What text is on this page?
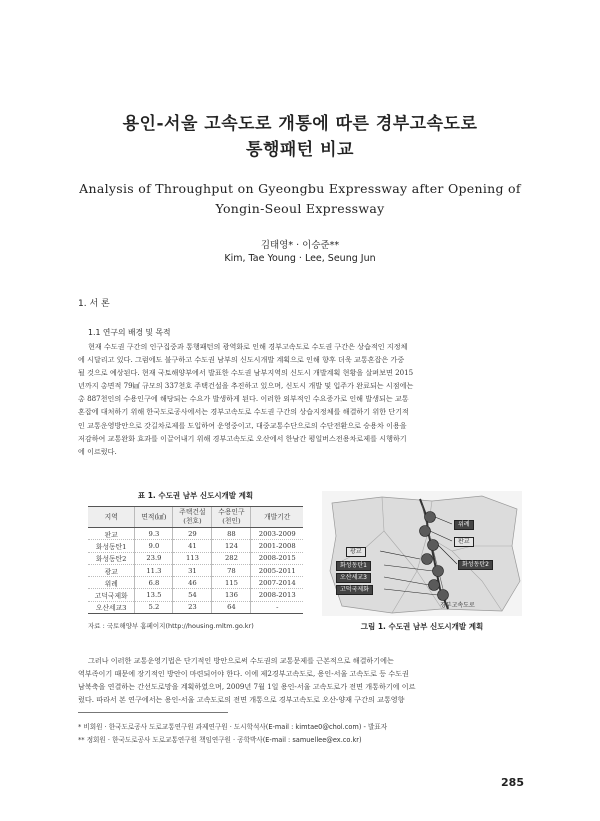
용인-서울 고속도로 개통에 따른 경부고속도로
통행패턴 비교
Analysis of Throughput on Gyeongbu Expressway after Opening of
Yongin-Seoul Expressway
김태영* · 이승준**
Kim, Tae Young · Lee, Seung Jun
1. 서 론
1.1 연구의 배경 및 목적
현재 수도권 구간의 인구집중과 통행패턴의 광역화로 인해 경부고속도로 수도권 구간은 상습적인 지정체
에 시달리고 있다. 그럼에도 불구하고 수도권 남부의 신도시개발 계획으로 인해 향후 더욱 교통혼잡은 가중
될 것으로 예상된다. 현재 국토해양부에서 발표한 수도권 남부지역의 신도시 개발계획 현황을 살펴보면 2015
년까지 총면적 79㎢ 규모의 337천호 주택건설을 추진하고 있으며, 신도시 개발 및 입주가 완료되는 시점에는
총 887천인의 수용인구에 해당되는 수요가 발생하게 된다. 이러한 외부적인 수요증가로 인해 발생되는 교통
혼잡에 대처하기 위해 한국도로공사에서는 경부고속도로 수도권 구간의 상습지정체를 해결하기 위한 단기적
인 교통운영방안으로 갓길차로제를 도입하여 운영중이고, 대중교통수단으로의 수단전환으로 승용차 이용을
저감하여 교통완화 효과를 이끌어내기 위해 경부고속도로 오산에서 한남간 평일버스전용차로제를 시행하기
에 이르렀다.
표 1. 수도권 남부 신도시개발 계획
지역	면적(㎢)	주택건설 (천호)	수용인구 (천인)	개발기간
판교	9.3	29	88	2003-2009
화성동탄1	9.0	41	124	2001-2008
화성동탄2	23.9	113	282	2008-2015
광교	11.3	31	78	2005-2011
위례	6.8	46	115	2007-2014
고덕국제화	13.5	54	136	2008-2013
오산세교3	5.2	23	64	-
자료 : 국토해양부 홈페이지(http://housing.mltm.go.kr)
위례
판교
화성동탄2
광교
화성동탄1
오산세교3
고덕국제화
경부고속도로
그림 1. 수도권 남부 신도시개발 계획
그러나 이러한 교통운영기법은 단기적인 방안으로써 수도권의 교통문제를 근본적으로 해결하기에는
역부족이기 때문에 장기적인 방안이 마련되어야 한다. 이에 제2경부고속도로, 용인-서울 고속도로 등 수도권
남북축을 연결하는 간선도로망을 계획하였으며, 2009년 7월 1일 용인-서울 고속도로가 전면 개통하기에 이르
렀다. 따라서 본 연구에서는 용인-서울 고속도로의 전면 개통으로 경부고속도로 오산-양재 구간의 교통영향
* 비회원 · 한국도로공사 도로교통연구원 과제연구원 · 도시학석사(E-mail : kimtae0@chol.com) - 발표자
** 정회원 · 한국도로공사 도로교통연구원 책임연구원 · 공학박사(E-mail : samuellee@ex.co.kr)
285
